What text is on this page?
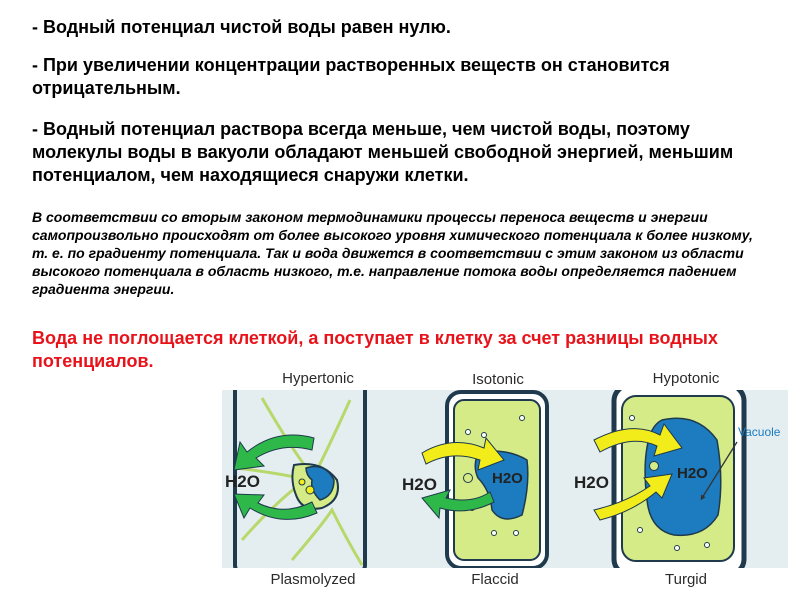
- Водный потенциал чистой воды равен нулю.

- При увеличении концентрации растворенных веществ он становится отрицательным.

- Водный потенциал раствора всегда меньше, чем чистой воды, поэтому молекулы воды в вакуоли обладают меньшей свободной энергией, меньшим потенциалом, чем находящиеся снаружи клетки.

В соответствии со вторым законом термодинамики процессы переноса веществ и энергии самопроизвольно происходят от более высокого уровня химического потенциала к более низкому, т. е. по градиенту потенциала. Так и вода движется в соответствии с этим законом из области высокого потенциала в область низкого, т.е. направление потока воды определяется падением градиента энергии.

Вода не поглощается клеткой, а поступает в клетку за счет разницы водных потенциалов.

Hypertonic	Isotonic	Hypotonic
Plasmolyzed	Flaccid	Turgid
H2O	H2O	H2O	H2O	H2O
Vacuole
